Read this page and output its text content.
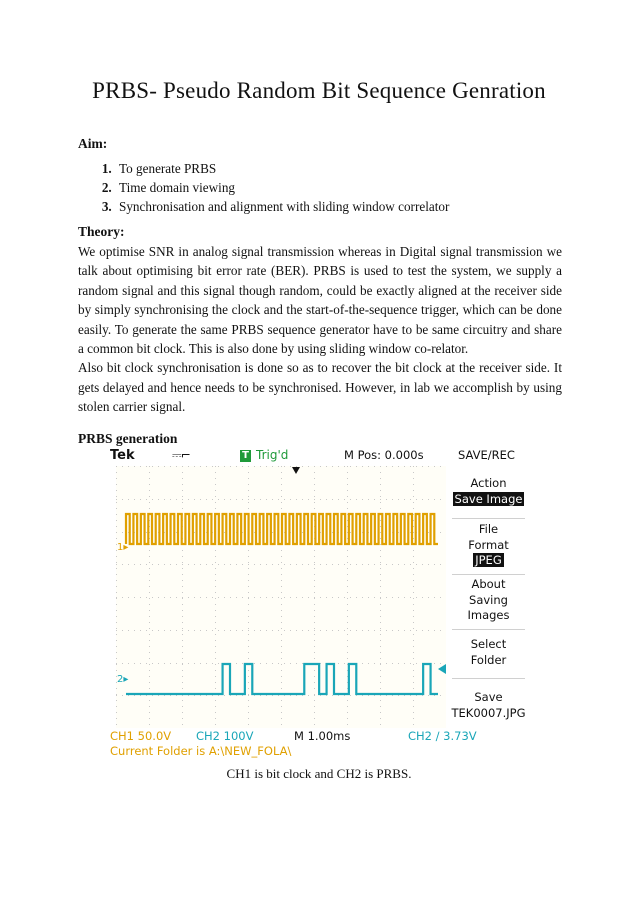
PRBS- Pseudo Random Bit Sequence Genration
Aim:
1. To generate PRBS
2. Time domain viewing
3. Synchronisation and alignment with sliding window correlator
Theory:

We optimise SNR in analog signal transmission whereas in Digital signal transmission we talk about optimising bit error rate (BER). PRBS is used to test the system, we supply a random signal and this signal though random, could be exactly aligned at the receiver side by simply synchronising the clock and the start-of-the-sequence trigger, which can be done easily. To generate the same PRBS sequence generator have to be same circuitry and share a common bit clock. This is also done by using sliding window co-relator.

Also bit clock synchronisation is done so as to recover the bit clock at the receiver side. It gets delayed and hence needs to be synchronised. However, in lab we accomplish by using stolen carrier signal.

PRBS generation
Tek	⎓⌐	T Trig'd	M Pos: 0.000s	SAVE/REC
1▸
2▸
Action
Save Image
File
Format
JPEG
About
Saving
Images
Select
Folder
Save
TEK0007.JPG
CH1 50.0V CH2 100V	M 1.00ms	CH2 ∕ 3.73V
Current Folder is A:\NEW_FOLA\
CH1 is bit clock and CH2 is PRBS.
